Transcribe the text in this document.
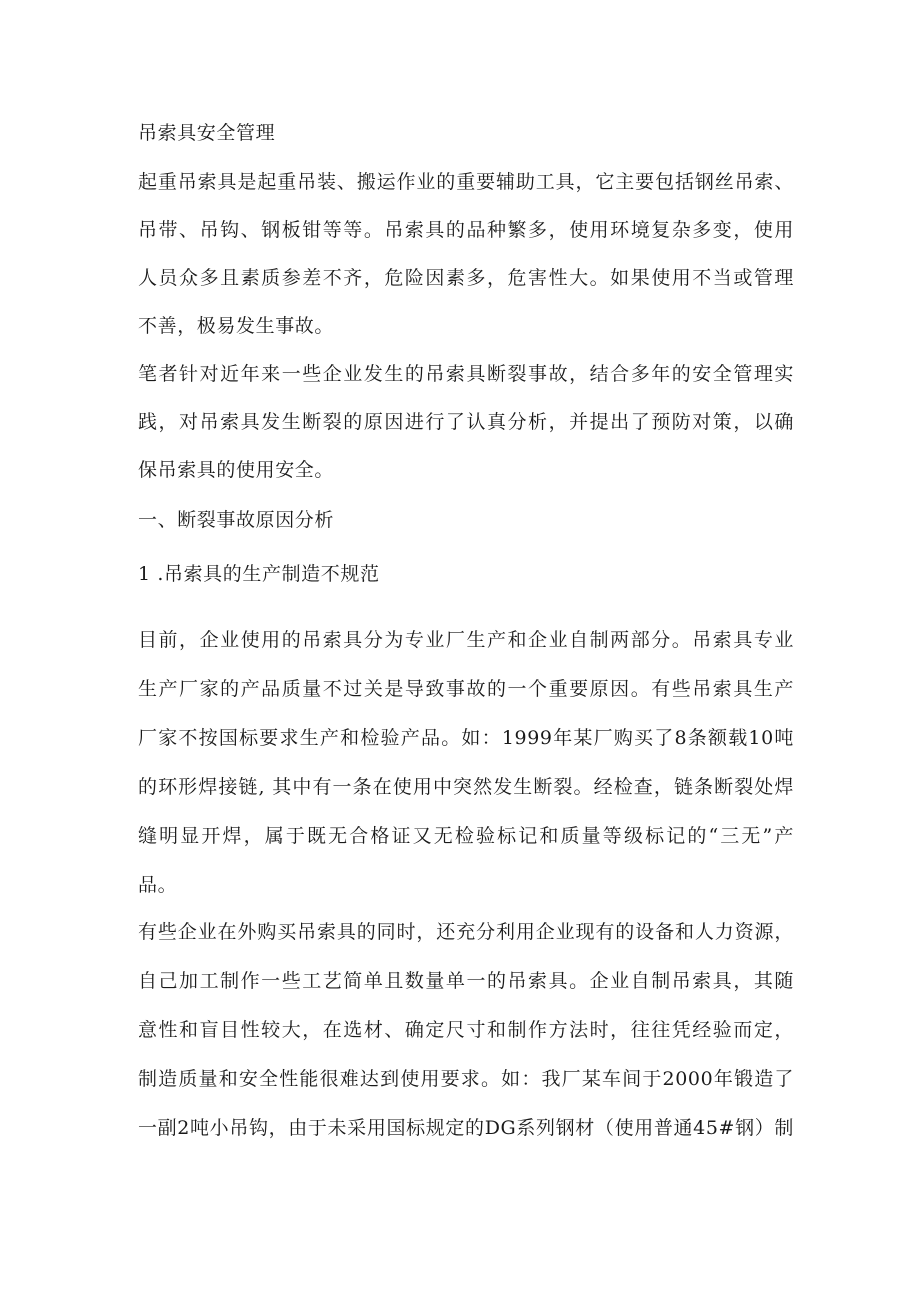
吊索具安全管理
起重吊索具是起重吊装、搬运作业的重要辅助工具，它主要包括钢丝吊索、
吊带、吊钩、钢板钳等等。吊索具的品种繁多，使用环境复杂多变，使用
人员众多且素质参差不齐，危险因素多，危害性大。如果使用不当或管理
不善，极易发生事故。
笔者针对近年来一些企业发生的吊索具断裂事故，结合多年的安全管理实
践，对吊索具发生断裂的原因进行了认真分析，并提出了预防对策，以确
保吊索具的使用安全。
一、断裂事故原因分析
1 .吊索具的生产制造不规范
目前，企业使用的吊索具分为专业厂生产和企业自制两部分。吊索具专业
生产厂家的产品质量不过关是导致事故的一个重要原因。有些吊索具生产
厂家不按国标要求生产和检验产品。如：1999年某厂购买了8条额载10吨
的环形焊接链, 其中有一条在使用中突然发生断裂。经检查，链条断裂处焊
缝明显开焊，属于既无合格证又无检验标记和质量等级标记的“三无”产
品。
有些企业在外购买吊索具的同时，还充分利用企业现有的设备和人力资源，
自己加工制作一些工艺简单且数量单一的吊索具。企业自制吊索具，其随
意性和盲目性较大，在选材、确定尺寸和制作方法时，往往凭经验而定，
制造质量和安全性能很难达到使用要求。如：我厂某车间于2000年锻造了
一副2吨小吊钩，由于未采用国标规定的DG系列钢材（使用普通45#钢）制
